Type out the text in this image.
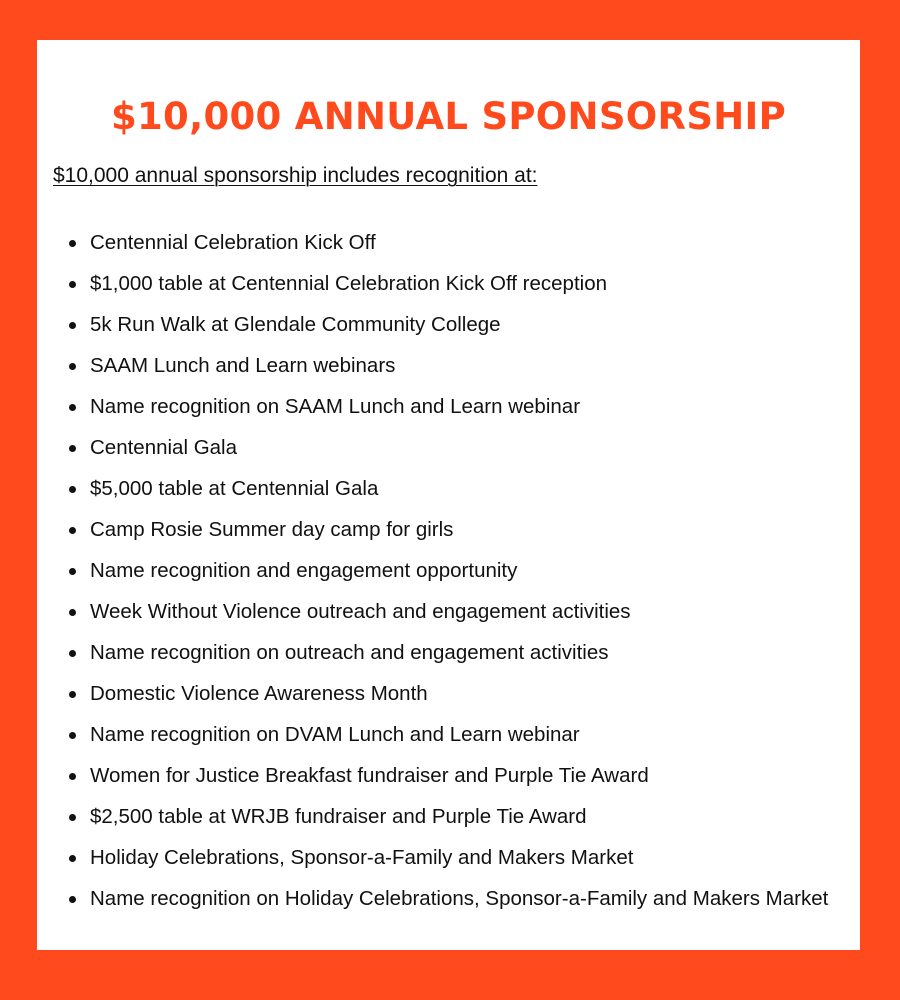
$10,000 ANNUAL SPONSORSHIP

$10,000 annual sponsorship includes recognition at:

Centennial Celebration Kick Off
$1,000 table at Centennial Celebration Kick Off reception
5k Run Walk at Glendale Community College
SAAM Lunch and Learn webinars
Name recognition on SAAM Lunch and Learn webinar
Centennial Gala
$5,000 table at Centennial Gala
Camp Rosie Summer day camp for girls
Name recognition and engagement opportunity
Week Without Violence outreach and engagement activities
Name recognition on outreach and engagement activities
Domestic Violence Awareness Month
Name recognition on DVAM Lunch and Learn webinar
Women for Justice Breakfast fundraiser and Purple Tie Award
$2,500 table at WRJB fundraiser and Purple Tie Award
Holiday Celebrations, Sponsor-a-Family and Makers Market
Name recognition on Holiday Celebrations, Sponsor-a-Family and Makers Market
